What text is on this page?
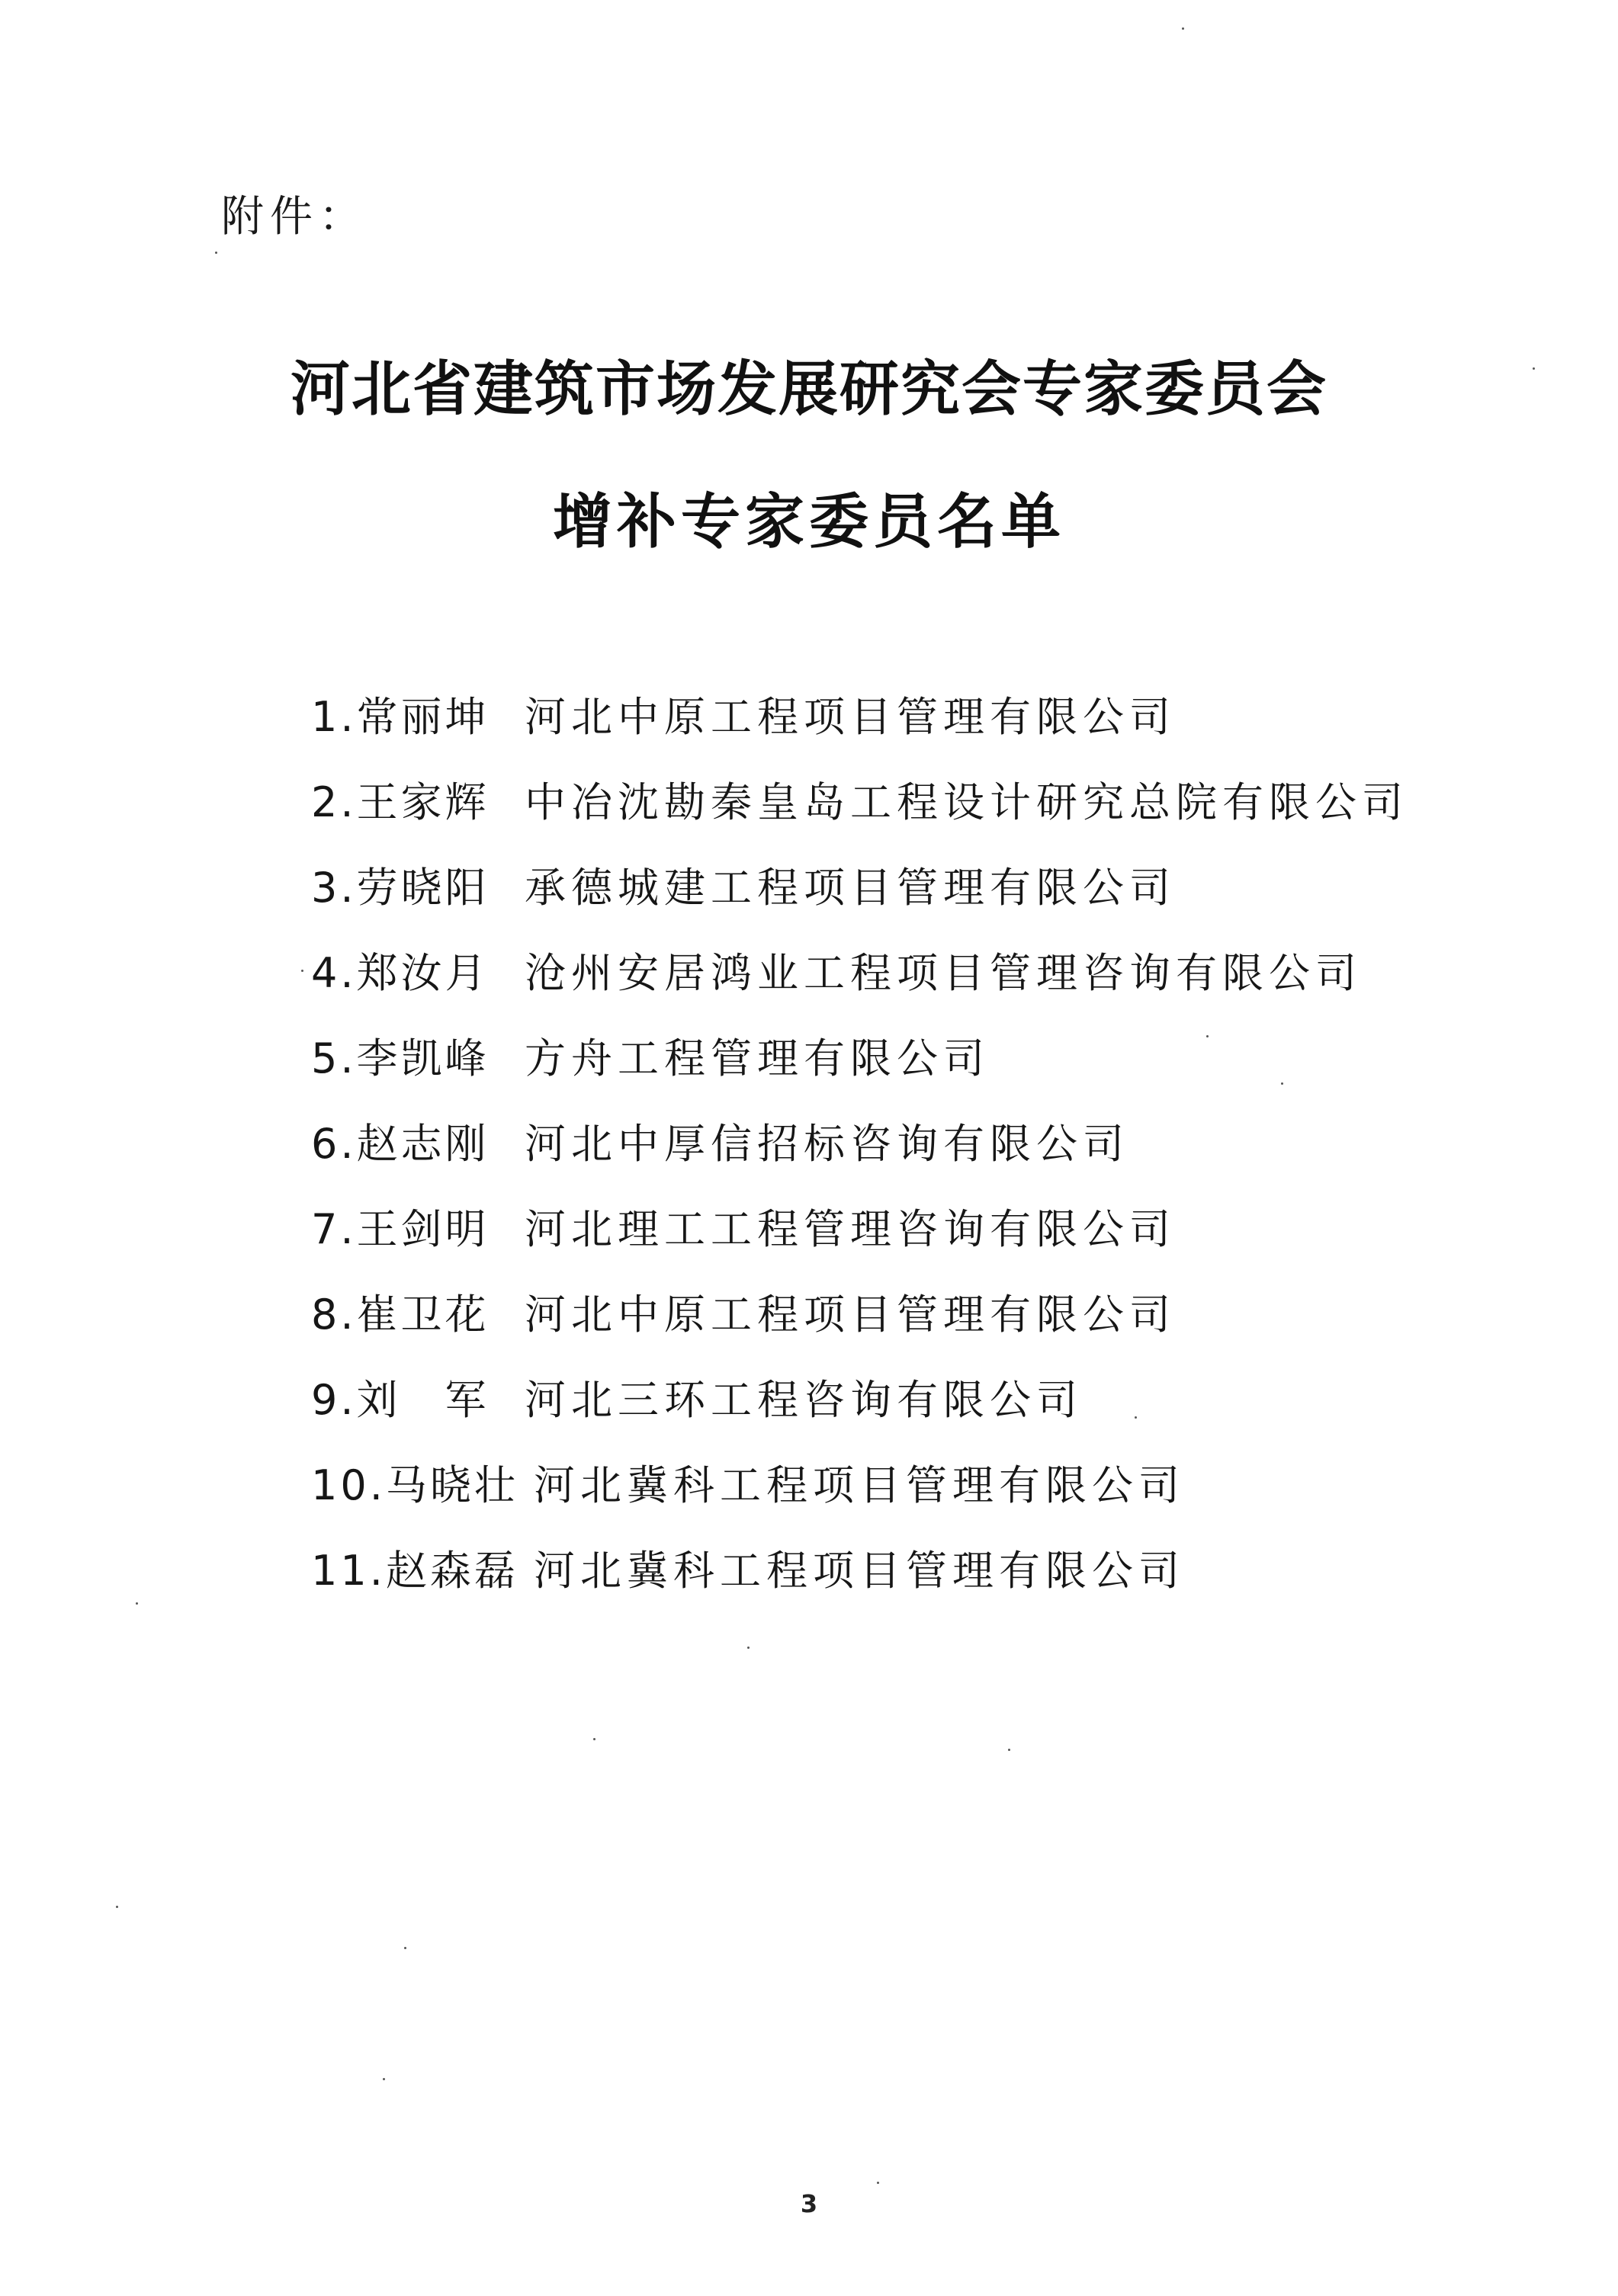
附件：
河北省建筑市场发展研究会专家委员会
增补专家委员名单
1.常丽坤 河北中原工程项目管理有限公司
2.王家辉 中冶沈勘秦皇岛工程设计研究总院有限公司
3.劳晓阳 承德城建工程项目管理有限公司
4.郑汝月 沧州安居鸿业工程项目管理咨询有限公司
5.李凯峰 方舟工程管理有限公司
6.赵志刚 河北中厚信招标咨询有限公司
7.王剑明 河北理工工程管理咨询有限公司
8.崔卫花 河北中原工程项目管理有限公司
9.刘　军 河北三环工程咨询有限公司
10.马晓壮 河北冀科工程项目管理有限公司
11.赵森磊 河北冀科工程项目管理有限公司
3
